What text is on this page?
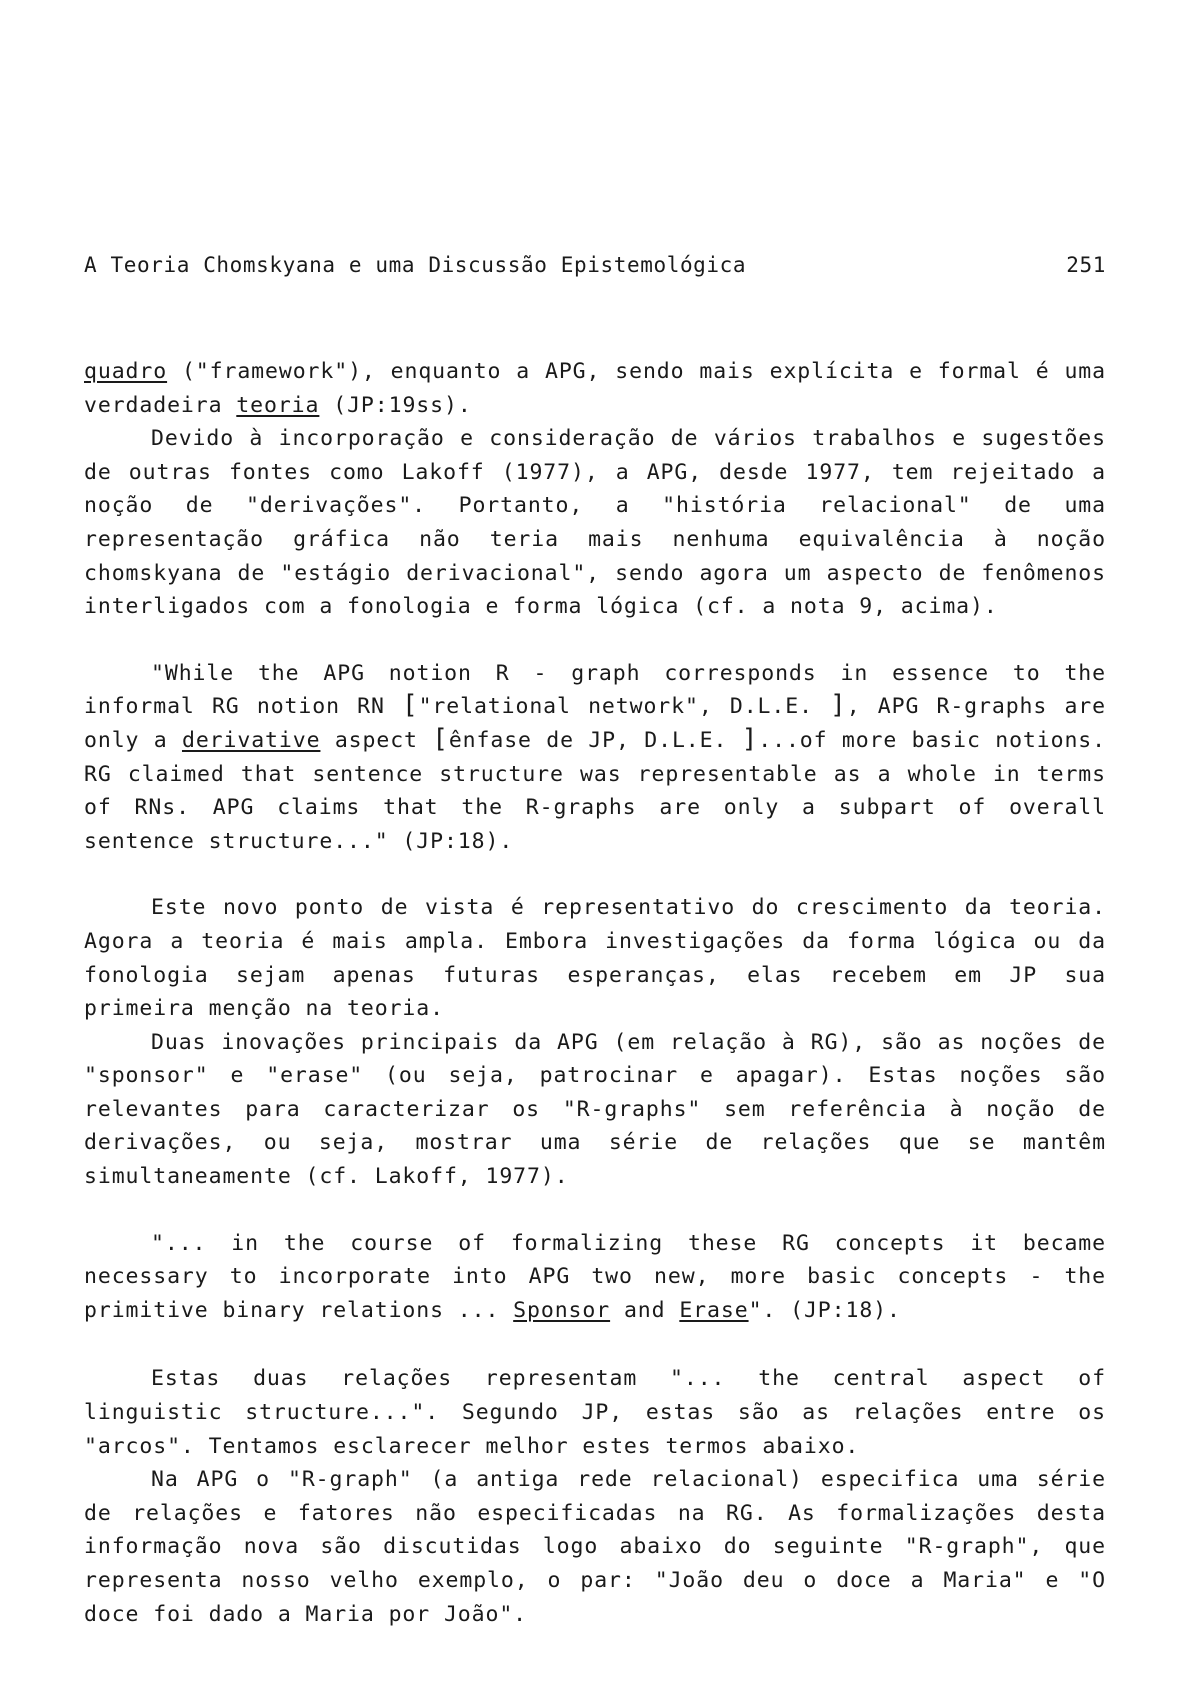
A Teoria Chomskyana e uma Discussão Epistemológica	251

quadro ("framework"), enquanto a APG, sendo mais explícita e formal é uma verdadeira teoria (JP:19ss).

Devido à incorporação e consideração de vários trabalhos e sugestões de outras fontes como Lakoff (1977), a APG, desde 1977, tem rejeitado a noção de "derivações". Portanto, a "história relacional" de uma representação gráfica não teria mais nenhuma equivalência à noção chomskyana de "estágio derivacional", sendo agora um aspecto de fenômenos interligados com a fonologia e forma lógica (cf. a nota 9, acima).

"While the APG notion R - graph corresponds in essence to the informal RG notion RN ["relational network", D.L.E. ], APG R-graphs are only a derivative aspect [ênfase de JP, D.L.E. ]...of more basic notions. RG claimed that sentence structure was representable as a whole in terms of RNs. APG claims that the R-graphs are only a subpart of overall sentence structure..." (JP:18).

Este novo ponto de vista é representativo do crescimento da teoria. Agora a teoria é mais ampla. Embora investigações da forma lógica ou da fonologia sejam apenas futuras esperanças, elas recebem em JP sua primeira menção na teoria.

Duas inovações principais da APG (em relação à RG), são as noções de "sponsor" e "erase" (ou seja, patrocinar e apagar). Estas noções são relevantes para caracterizar os "R-graphs" sem referência à noção de derivações, ou seja, mostrar uma série de relações que se mantêm simultaneamente (cf. Lakoff, 1977).

"... in the course of formalizing these RG concepts it became necessary to incorporate into APG two new, more basic concepts - the primitive binary relations ... Sponsor and Erase". (JP:18).

Estas duas relações representam "... the central aspect of linguistic structure...". Segundo JP, estas são as relações entre os "arcos". Tentamos esclarecer melhor estes termos abaixo.

Na APG o "R-graph" (a antiga rede relacional) especifica uma série de relações e fatores não especificadas na RG. As formalizações desta informação nova são discutidas logo abaixo do seguinte "R-graph", que representa nosso velho exemplo, o par: "João deu o doce a Maria" e "O doce foi dado a Maria por João".
